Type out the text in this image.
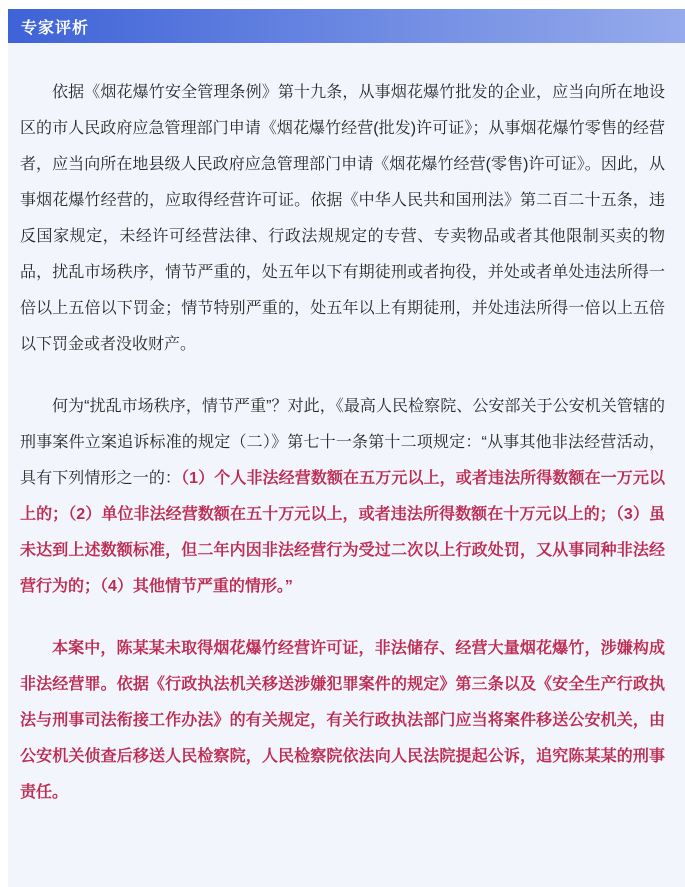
专家评析

依据《烟花爆竹安全管理条例》第十九条，从事烟花爆竹批发的企业，应当向所在地设区的市人民政府应急管理部门申请《烟花爆竹经营(批发)许可证》；从事烟花爆竹零售的经营者，应当向所在地县级人民政府应急管理部门申请《烟花爆竹经营(零售)许可证》。因此，从事烟花爆竹经营的，应取得经营许可证。依据《中华人民共和国刑法》第二百二十五条，违反国家规定，未经许可经营法律、行政法规规定的专营、专卖物品或者其他限制买卖的物品，扰乱市场秩序，情节严重的，处五年以下有期徒刑或者拘役，并处或者单处违法所得一倍以上五倍以下罚金；情节特别严重的，处五年以上有期徒刑，并处违法所得一倍以上五倍以下罚金或者没收财产。

何为“扰乱市场秩序，情节严重”？对此，《最高人民检察院、公安部关于公安机关管辖的刑事案件立案追诉标准的规定（二）》第七十一条第十二项规定：“从事其他非法经营活动，具有下列情形之一的：（1）个人非法经营数额在五万元以上，或者违法所得数额在一万元以上的；（2）单位非法经营数额在五十万元以上，或者违法所得数额在十万元以上的；（3）虽未达到上述数额标准，但二年内因非法经营行为受过二次以上行政处罚，又从事同种非法经营行为的；（4）其他情节严重的情形。”

本案中，陈某某未取得烟花爆竹经营许可证，非法储存、经营大量烟花爆竹，涉嫌构成非法经营罪。依据《行政执法机关移送涉嫌犯罪案件的规定》第三条以及《安全生产行政执法与刑事司法衔接工作办法》的有关规定，有关行政执法部门应当将案件移送公安机关，由公安机关侦查后移送人民检察院，人民检察院依法向人民法院提起公诉，追究陈某某的刑事责任。
